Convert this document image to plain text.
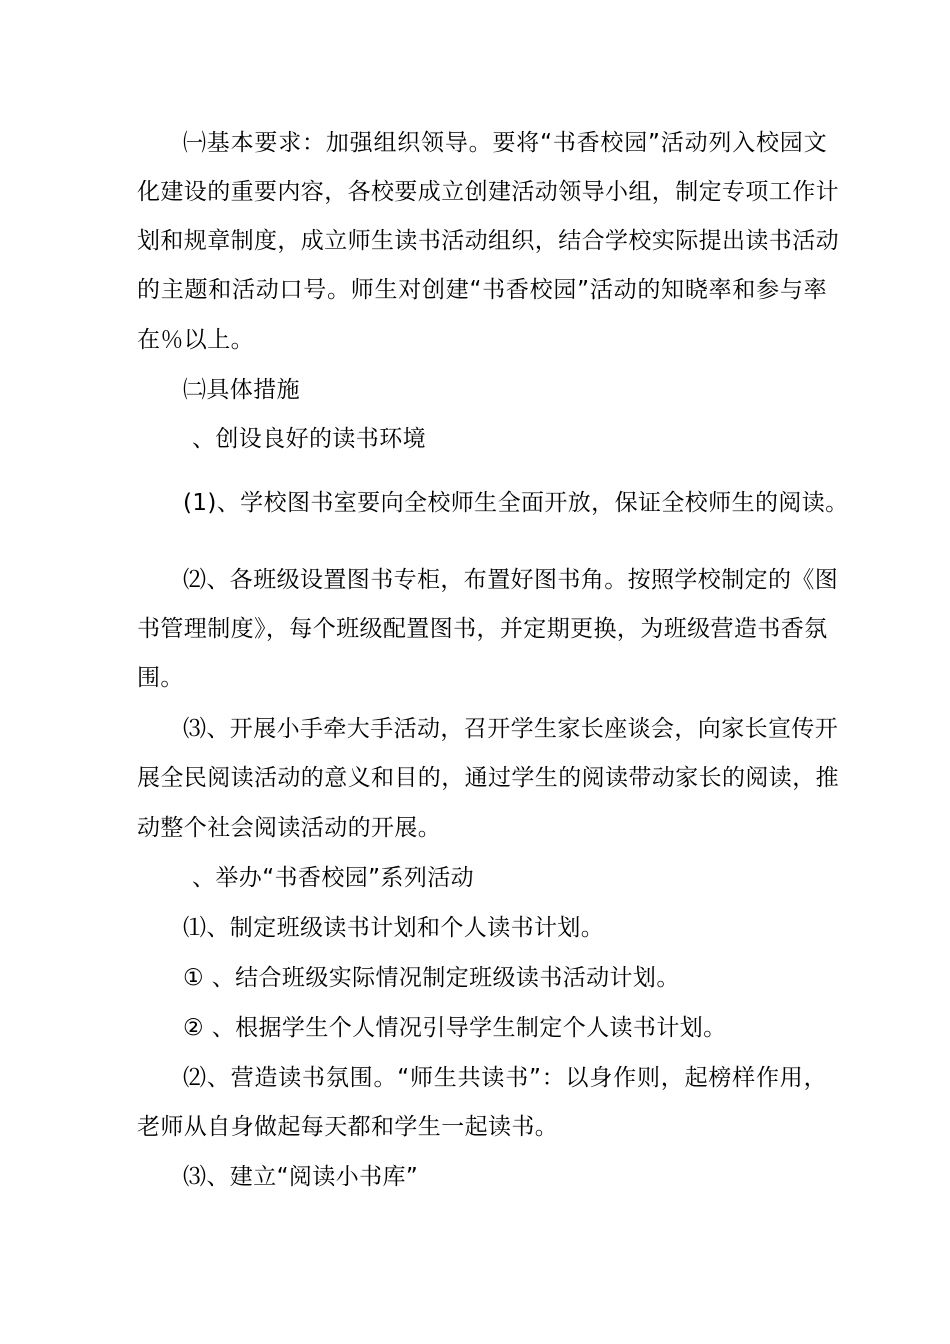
㈠基本要求：加强组织领导。要将“书香校园”活动列入校园文
化建设的重要内容，各校要成立创建活动领导小组，制定专项工作计
划和规章制度，成立师生读书活动组织，结合学校实际提出读书活动
的主题和活动口号。师生对创建“书香校园”活动的知晓率和参与率
在％以上。
㈡具体措施
、创设良好的读书环境
(1)、学校图书室要向全校师生全面开放，保证全校师生的阅读。
⑵、各班级设置图书专柜，布置好图书角。按照学校制定的《图
书管理制度》，每个班级配置图书，并定期更换，为班级营造书香氛
围。
⑶、开展小手牵大手活动，召开学生家长座谈会，向家长宣传开
展全民阅读活动的意义和目的，通过学生的阅读带动家长的阅读，推
动整个社会阅读活动的开展。
、举办“书香校园”系列活动
⑴、制定班级读书计划和个人读书计划。
① 、结合班级实际情况制定班级读书活动计划。
② 、根据学生个人情况引导学生制定个人读书计划。
⑵、营造读书氛围。“师生共读书”：以身作则，起榜样作用，
老师从自身做起每天都和学生一起读书。
⑶、建立“阅读小书库”
